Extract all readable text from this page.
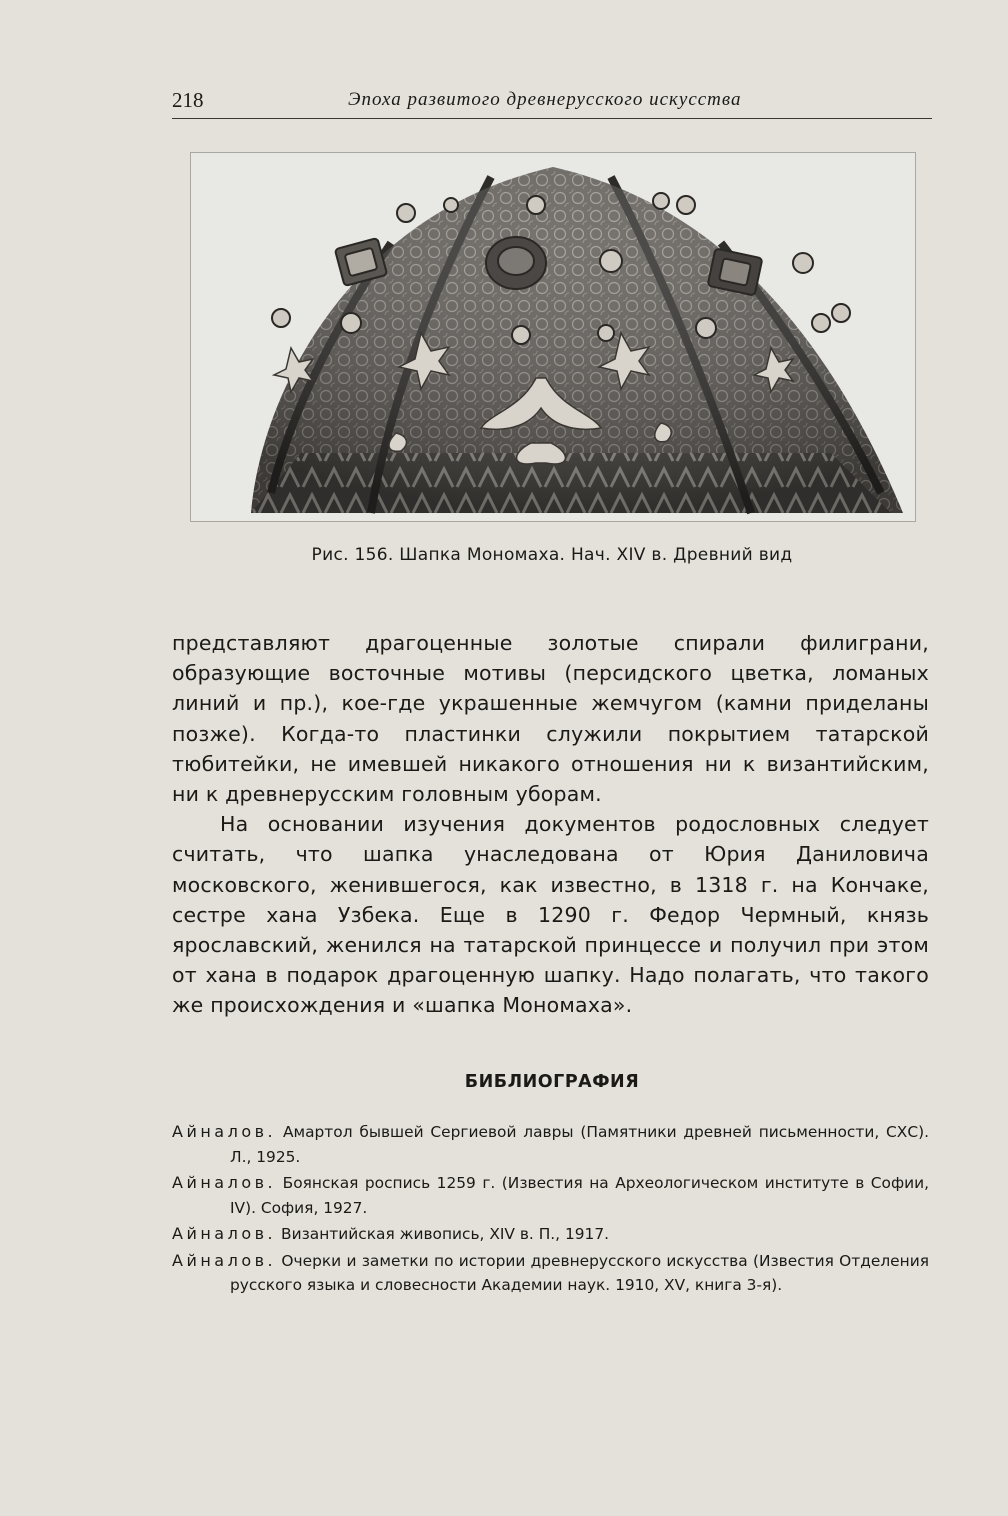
218	Эпоха развитого древнерусского искусства
Рис. 156. Шапка Мономаха. Нач. XIV в. Древний вид

представляют драгоценные золотые спирали филиграни, образующие восточные мотивы (персидского цветка, ломаных линий и пр.), кое-где украшенные жемчугом (камни приделаны позже). Когда-то пластинки служили покрытием татарской тюбитейки, не имевшей никакого отношения ни к византийским, ни к древнерусским головным уборам.

На основании изучения документов родословных следует считать, что шапка унаследована от Юрия Даниловича московского, женившегося, как известно, в 1318 г. на Кончаке, сестре хана Узбека. Еще в 1290 г. Федор Чермный, князь ярославский, женился на татарской принцессе и получил при этом от хана в подарок драгоценную шапку. Надо полагать, что такого же происхождения и «шапка Мономаха».

БИБЛИОГРАФИЯ

Айналов. Амартол бывшей Сергиевой лавры (Памятники древней письменности, СХС). Л., 1925.

Айналов. Боянская роспись 1259 г. (Известия на Археологическом институте в Софии, IV). София, 1927.

Айналов. Византийская живопись, XIV в. П., 1917.

Айналов. Очерки и заметки по истории древнерусского искусства (Известия Отделения русского языка и словесности Академии наук. 1910, XV, книга 3-я).
